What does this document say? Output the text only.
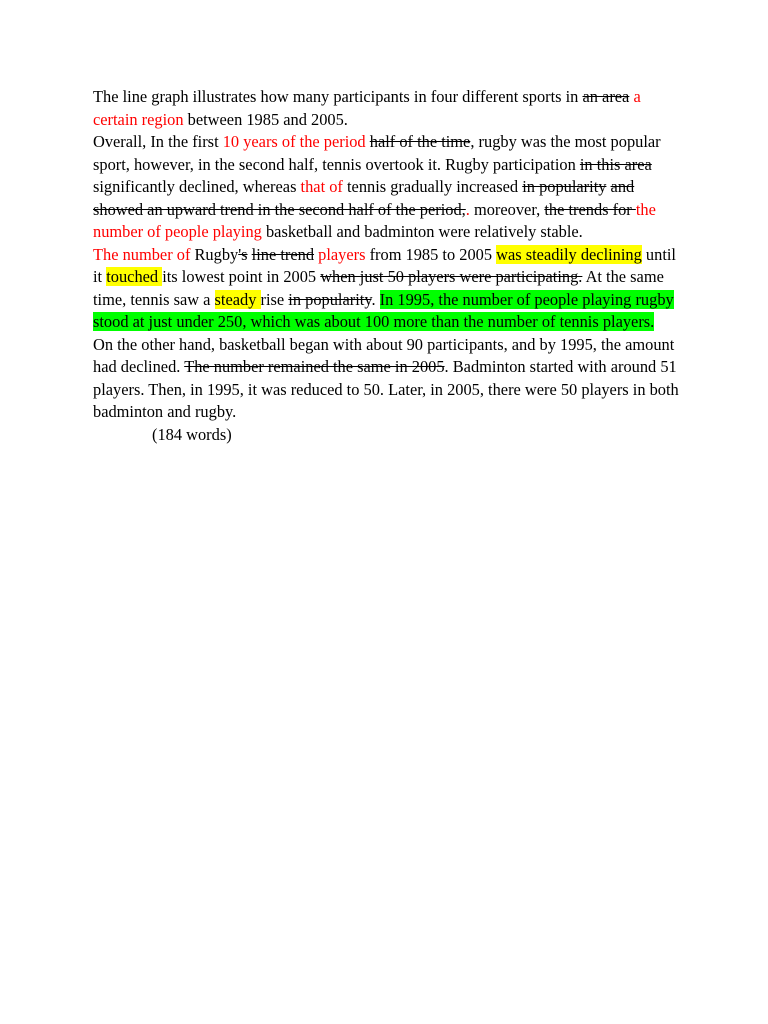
The line graph illustrates how many participants in four different sports in an area a certain region between 1985 and 2005.

Overall, In the first 10 years of the period half of the time, rugby was the most popular sport, however, in the second half, tennis overtook it. Rugby participation in this area significantly declined, whereas that of tennis gradually increased in popularity and showed an upward trend in the second half of the period,. moreover, the trends for the number of people playing basketball and badminton were relatively stable.

The number of Rugby's line trend players from 1985 to 2005 was steadily declining until it touched its lowest point in 2005 when just 50 players were participating. At the same time, tennis saw a steady rise in popularity. In 1995, the number of people playing rugby stood at just under 250, which was about 100 more than the number of tennis players.

On the other hand, basketball began with about 90 participants, and by 1995, the amount had declined. The number remained the same in 2005. Badminton started with around 51 players. Then, in 1995, it was reduced to 50. Later, in 2005, there were 50 players in both badminton and rugby.

(184 words)
